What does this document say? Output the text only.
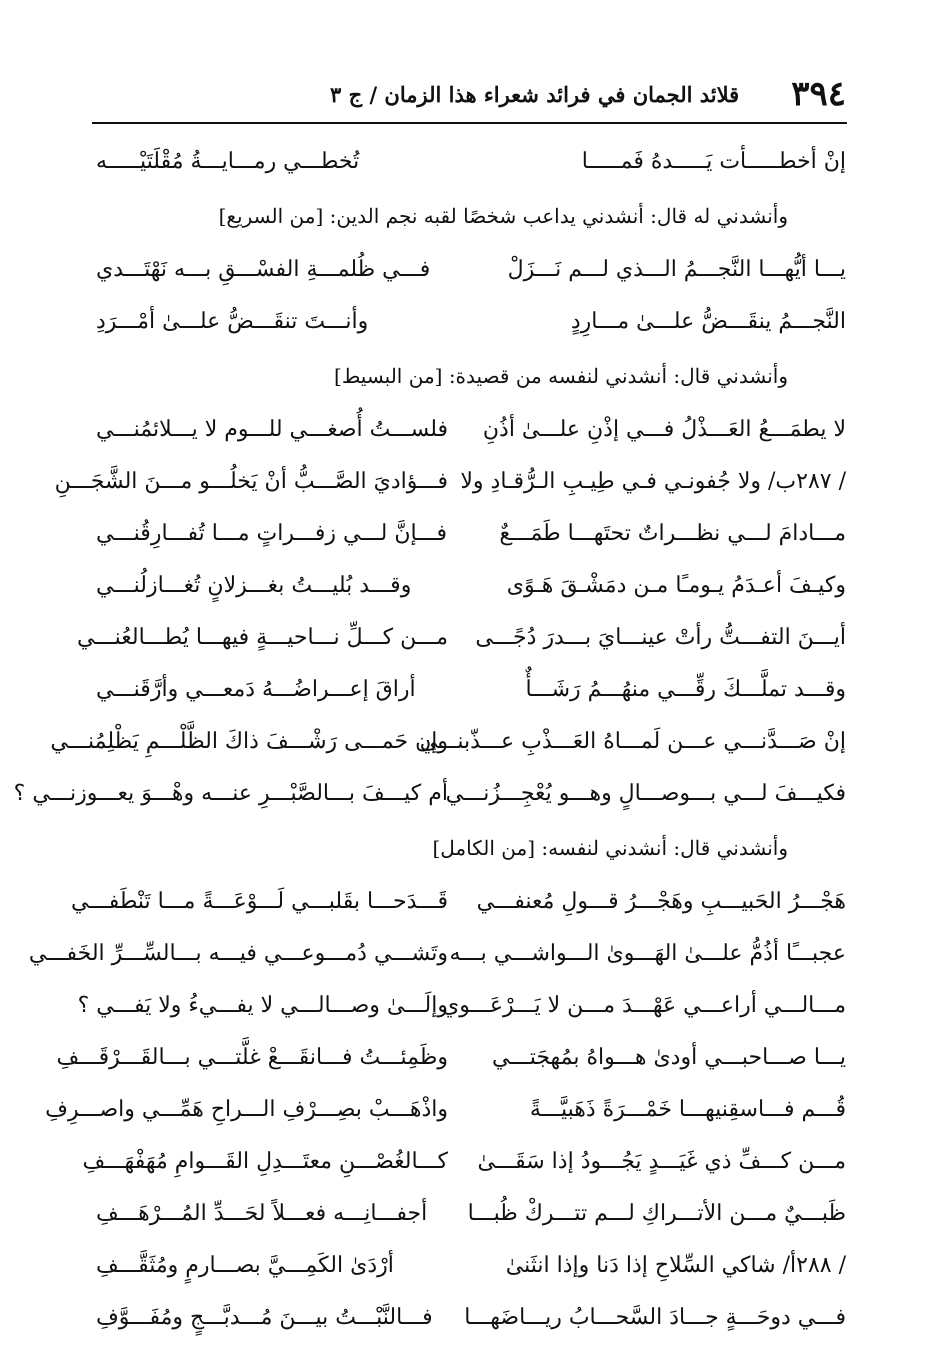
٣٩٤
قلائد الجمان في فرائد شعراء هذا الزمان / ج ٣
إنْ أخطـــــأت يَـــــدهُ فَمـــــا
تُخطـــي رمـــايـــةُ مُقْلَتَيْـــــه
وأنشدني له قال: أنشدني يداعب شخصًا لقبه نجم الدين: [من السريع]
يـــا أيُّهـــا النَّجـــمُ الـــذي لـــم نَـــزَلْ
فـــي ظُلمـــةِ الفسْـــقِ بـــه نَهْتَـــدي
النَّجـــمُ ينقَـــضُّ علـــىٰ مـــارِدٍ
وأنـــتَ تنقَـــضُّ علـــىٰ أمْـــرَدِ
وأنشدني قال: أنشدني لنفسه من قصيدة: [من البسيط]
لا يطمَـــعُ العَـــذْلُ فـــي إذْنِ علـــىٰ أذُنِ
فلســـتُ أُصغـــي للـــوم لا يـــلائمُنـــي
/ ٢٨٧ب/ ولا جُفونـي فـي طِيـبِ الـرُّقـادِ ولا
فـــؤاديَ الصَّـــبُّ أنْ يَخلُـــو مـــنَ الشَّجَـــنِ
مـــادامَ لـــي نظـــراتٌ تحتَهـــا طَمَـــعٌ
فـــإنَّ لـــي زفـــراتٍ مـــا تُفـــارِقُنـــي
وكيـفَ أعـدَمُ يـومـًا مـن دمَشْـقَ هَـوًى
وقـــد بُليـــتُ بغـــزلانٍ تُغـــازلُنـــي
أيـــنَ التفـــتُّ رأتْ عينـــايَ بـــدرَ دُجًـــى
مـــن كـــلِّ نـــاحيـــةٍ فيهـــا يُطـــالعُنـــي
وقـــد تملَّـــكَ رقِّـــي منهُـــمُ رَشَـــأٌ
أراقَ إعـــراضُـــهُ دَمعـــي وأرَّقَنـــي
إنْ صَـــدَّنـــي عـــن لَمـــاهُ العَـــذْبِ عـــذّبنـــي
وإن حَمـــى رَشْـــفَ ذاكَ الظَّلْـــمِ يَظْلِمُنـــي
فكيـــفَ لـــي بـــوصـــالٍ وهـــو يُعْجِـــزُنـــي
أم كيـــفَ بـــالصَّبْـــرِ عنـــه وهْـــوَ يعـــوزنـــي ؟
وأنشدني قال: أنشدني لنفسه: [من الكامل]
هَجْـــرُ الحَبيـــبِ وهَجْـــرُ قـــولِ مُعنفـــي
قَـــدَحـــا بقَلبـــي لَـــوْعَـــةً مـــا تَنْطَفـــي
عجبـــًا أذُمُّ علـــىٰ الهَـــوىٰ الـــواشـــي بـــه
وتَشـــي دُمـــوعـــي فيـــه بـــالسِّـــرِّ الخَفـــي
مـــالـــي أراعـــي عَهْـــدَ مـــن لا يَـــرْعَـــوي
وإلَـــىٰ وصـــالـــي لا يفـــيءُ ولا يَفـــي ؟
يـــا صـــاحبـــي أودىٰ هـــواهُ بمُهجَتـــي
وظَمِئـــتُ فـــانقَـــعْ غلَّتـــي بـــالقَـــرْقَـــفِ
قُـــم فـــاسقِنيهـــا خَمْـــرَةً ذَهَبيَّـــةً
واذْهَـــبْ بصِـــرْفِ الـــراحِ هَمِّـــي واصـــرِفِ
مـــن كـــفِّ ذي غَيَـــدٍ يَجُـــودُ إذا سَقَـــىٰ
كـــالغُصْـــنِ معتَـــدِلِ القَـــوامِ مُهَفْهَـــفِ
ظَبـــيٌ مـــن الأتـــراكِ لـــم تتـــركْ ظُبـــا
أجفـــانِـــه فعـــلاً لحَـــدِّ المُـــرْهَـــفِ
/ ٢٨٨أ/ شاكي السِّلاحِ إذا دَنا وإذا انثَنىٰ
أرْدَىٰ الكَمِـــيَّ بصـــارمٍ ومُثَقَّـــفِ
فـــي دوحَـــةٍ جـــادَ السَّحـــابُ ريـــاضَهـــا
فـــالنَّبْـــتُ بيـــنَ مُـــدبَّـــجٍ ومُفَـــوَّفِ
